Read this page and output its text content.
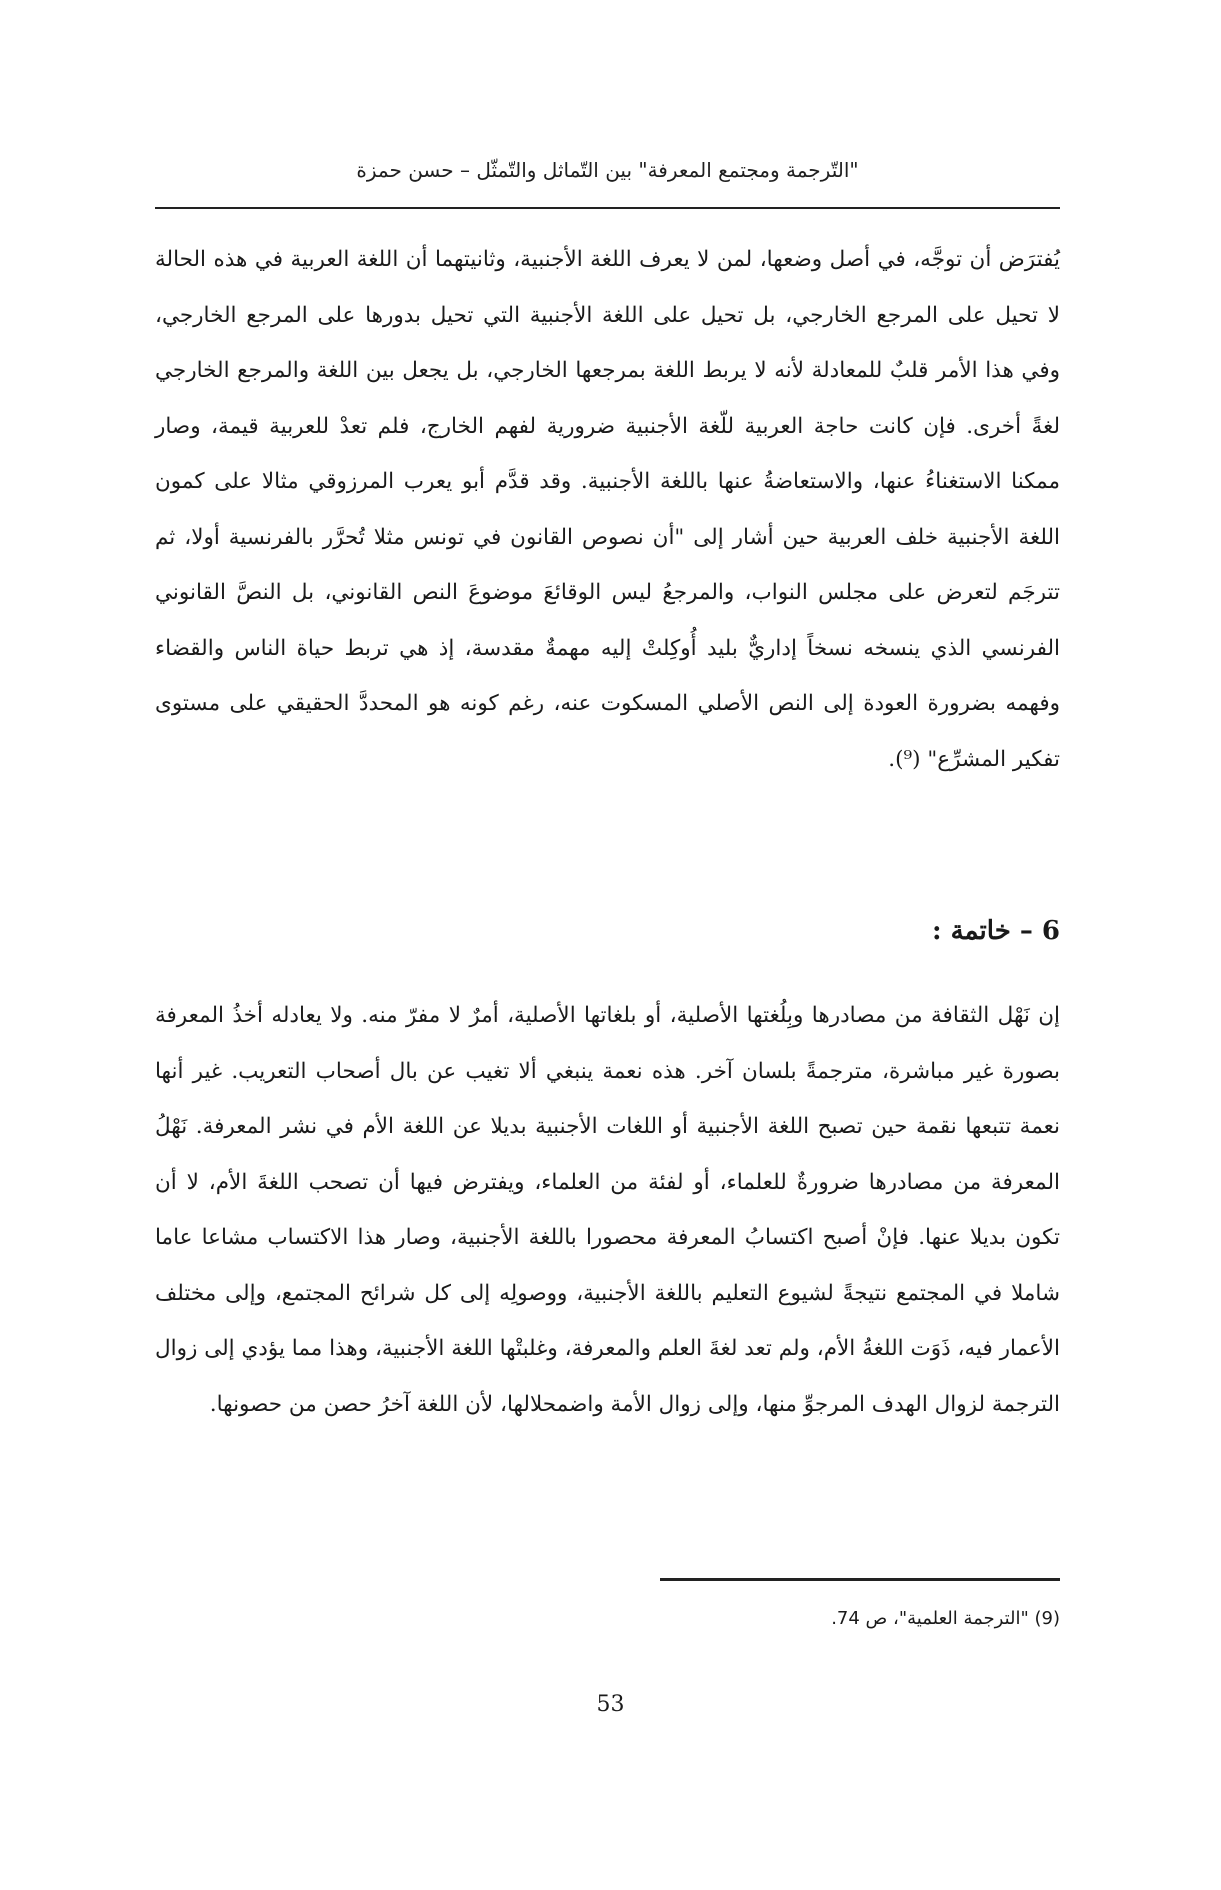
"التّرجمة ومجتمع المعرفة" بين التّماثل والتّمثّل – حسن حمزة

يُفترَض أن توجَّه، في أصل وضعها، لمن لا يعرف اللغة الأجنبية، وثانيتهما أن اللغة العربية في هذه الحالة لا تحيل على المرجع الخارجي، بل تحيل على اللغة الأجنبية التي تحيل بدورها على المرجع الخارجي، وفي هذا الأمر قلبٌ للمعادلة لأنه لا يربط اللغة بمرجعها الخارجي، بل يجعل بين اللغة والمرجع الخارجي لغةً أخرى. فإن كانت حاجة العربية للّغة الأجنبية ضرورية لفهم الخارج، فلم تعدْ للعربية قيمة، وصار ممكنا الاستغناءُ عنها، والاستعاضةُ عنها باللغة الأجنبية. وقد قدَّم أبو يعرب المرزوقي مثالا على كمون اللغة الأجنبية خلف العربية حين أشار إلى "أن نصوص القانون في تونس مثلا تُحرَّر بالفرنسية أولا، ثم تترجَم لتعرض على مجلس النواب، والمرجعُ ليس الوقائعَ موضوعَ النص القانوني، بل النصَّ القانوني الفرنسي الذي ينسخه نسخاً إداريٌّ بليد أُوكِلتْ إليه مهمةٌ مقدسة، إذ هي تربط حياة الناس والقضاء وفهمه بضرورة العودة إلى النص الأصلي المسكوت عنه، رغم كونه هو المحددَّ الحقيقي على مستوى تفكير المشرِّع" (⁹).

6 – خاتمة :

إن نَهْل الثقافة من مصادرها وبِلُغتها الأصلية، أو بلغاتها الأصلية، أمرٌ لا مفرّ منه. ولا يعادله أخذُ المعرفة بصورة غير مباشرة، مترجمةً بلسان آخر. هذه نعمة ينبغي ألا تغيب عن بال أصحاب التعريب. غير أنها نعمة تتبعها نقمة حين تصبح اللغة الأجنبية أو اللغات الأجنبية بديلا عن اللغة الأم في نشر المعرفة. نَهْلُ المعرفة من مصادرها ضرورةٌ للعلماء، أو لفئة من العلماء، ويفترض فيها أن تصحب اللغةَ الأم، لا أن تكون بديلا عنها. فإنْ أصبح اكتسابُ المعرفة محصورا باللغة الأجنبية، وصار هذا الاكتساب مشاعا عاما شاملا في المجتمع نتيجةً لشيوع التعليم باللغة الأجنبية، ووصولِه إلى كل شرائح المجتمع، وإلى مختلف الأعمار فيه، ذَوَت اللغةُ الأم، ولم تعد لغةَ العلم والمعرفة، وغلبتْها اللغة الأجنبية، وهذا مما يؤدي إلى زوال الترجمة لزوال الهدف المرجوِّ منها، وإلى زوال الأمة واضمحلالها، لأن اللغة آخرُ حصن من حصونها.

(9) "الترجمة العلمية"، ص 74.
53
